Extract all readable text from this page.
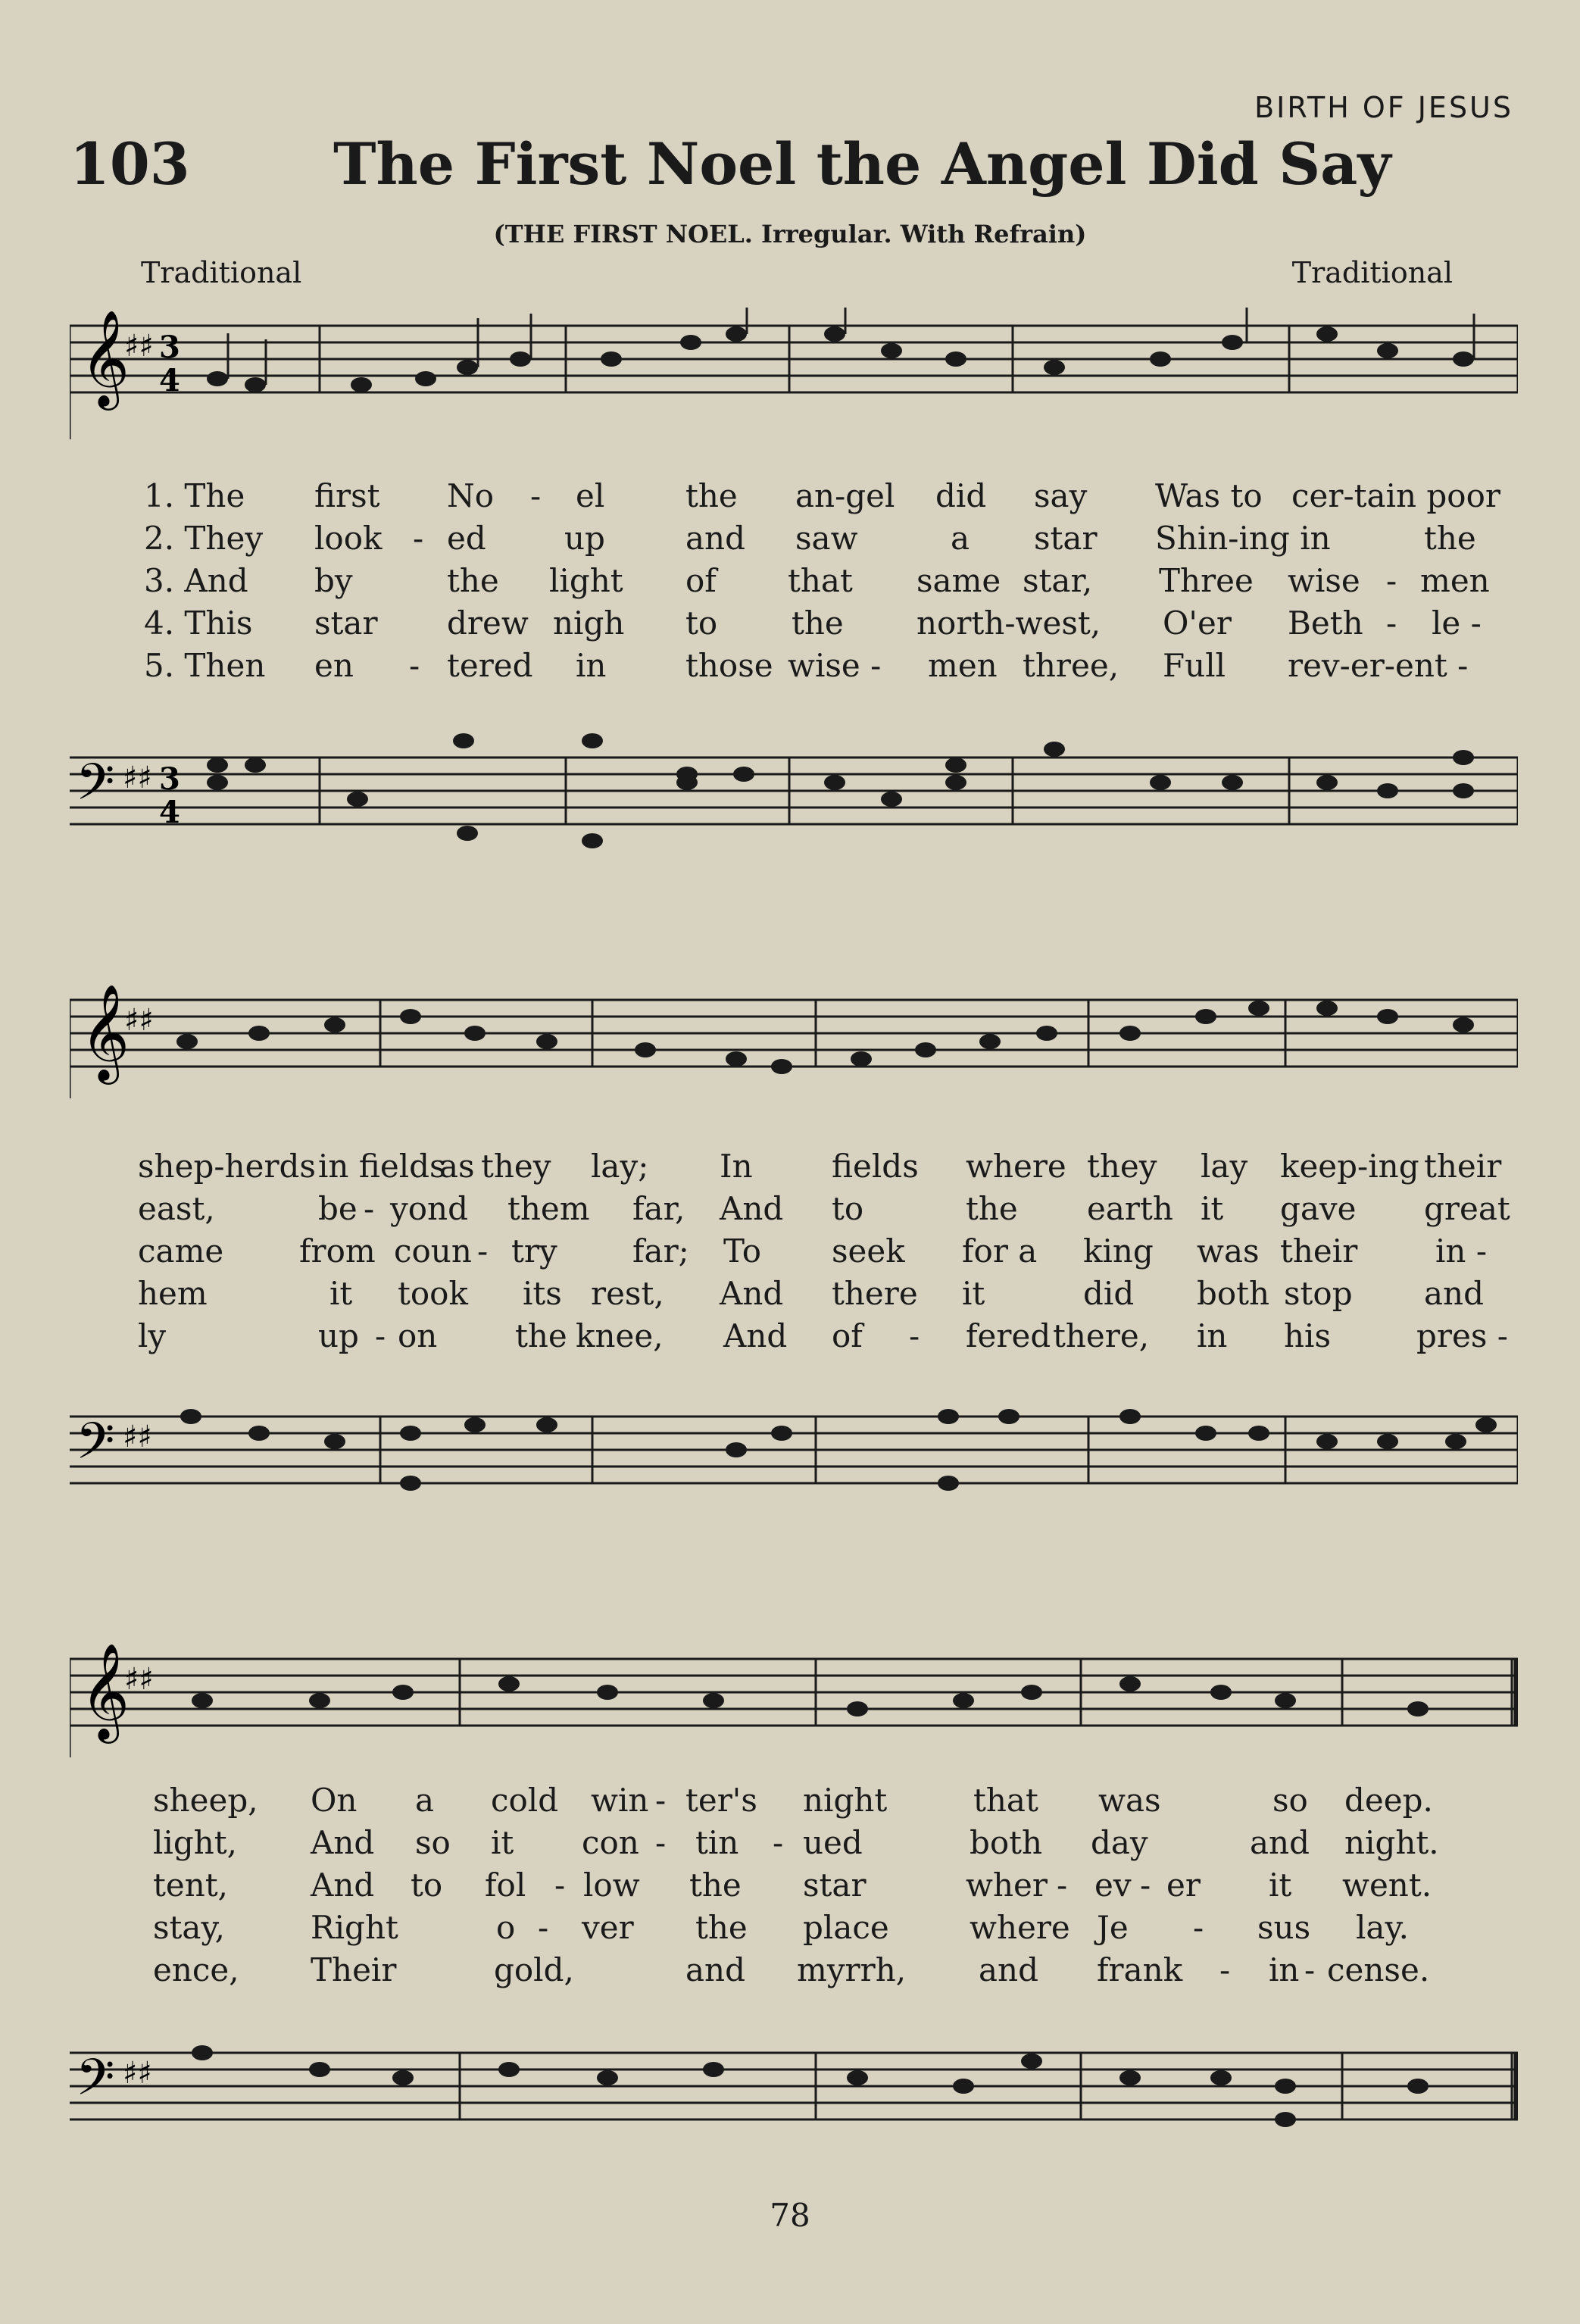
BIRTH OF JESUS
103 The First Noel the Angel Did Say
(THE FIRST NOEL. Irregular. With Refrain)
Traditional	Traditional
𝄞
♯♯ 3
4
1. The first No - el	the an-gel did say Was to cer-tain poor
2. They look - ed up	and saw	a star Shin-ing in	the
3. And by	the light of that same star, Three wise - men
4. This star drew nigh to the north-west, O'er Beth - le -
5. Then en - tered in those wise - men three, Full rev-er-ent -
𝄢 ♯♯ 3
4
𝄞
♯♯
shep-herds in fields
as they lay; In fields where they lay keep-ing their
east,	be - yond them far, And to	the earth it gave great
came from coun - try far; To seek for a king was their in -
hem	it took its rest, And there it	did both stop and
ly	up - on the knee, And of - fered there, in his	pres -
𝄢 ♯♯
𝄞
♯♯
sheep, On a cold win - ter's night	that was	so deep.
light, And so it con - tin - ued	both day	and night.
tent,	And to fol - low the star	wher - ev - er it went.
stay,	Right	o - ver the place	where Je - sus lay.
ence, Their	gold,	and myrrh, and frank - in - cense.
𝄢 ♯♯
78
